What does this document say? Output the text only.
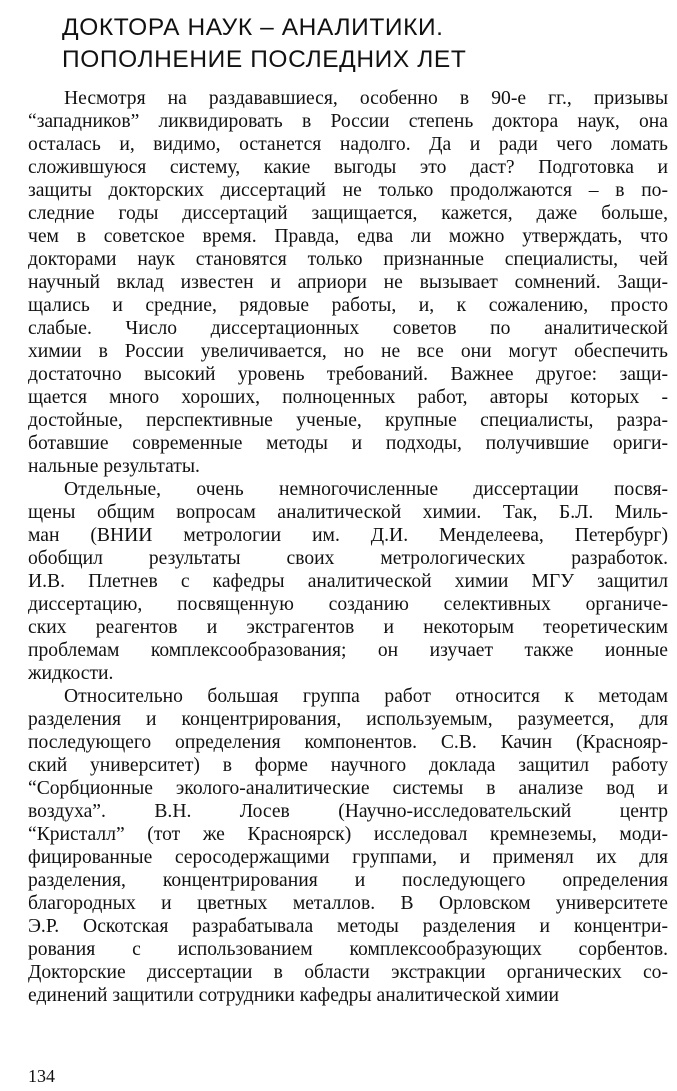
ДОКТОРА НАУК – АНАЛИТИКИ.
ПОПОЛНЕНИЕ ПОСЛЕДНИХ ЛЕТ
Несмотря на раздававшиеся, особенно в 90-е гг., призывы
“западников” ликвидировать в России степень доктора наук, она
осталась и, видимо, останется надолго. Да и ради чего ломать
сложившуюся систему, какие выгоды это даст? Подготовка и
защиты докторских диссертаций не только продолжаются – в по-
следние годы диссертаций защищается, кажется, даже больше,
чем в советское время. Правда, едва ли можно утверждать, что
докторами наук становятся только признанные специалисты, чей
научный вклад известен и априори не вызывает сомнений. Защи-
щались и средние, рядовые работы, и, к сожалению, просто
слабые. Число диссертационных советов по аналитической
химии в России увеличивается, но не все они могут обеспечить
достаточно высокий уровень требований. Важнее другое: защи-
щается много хороших, полноценных работ, авторы которых -
достойные, перспективные ученые, крупные специалисты, разра-
ботавшие современные методы и подходы, получившие ориги-
нальные результаты.
Отдельные, очень немногочисленные диссертации посвя-
щены общим вопросам аналитической химии. Так, Б.Л. Миль-
ман (ВНИИ метрологии им. Д.И. Менделеева, Петербург)
обобщил результаты своих метрологических разработок.
И.В. Плетнев с кафедры аналитической химии МГУ защитил
диссертацию, посвященную созданию селективных органиче-
ских реагентов и экстрагентов и некоторым теоретическим
проблемам комплексообразования; он изучает также ионные
жидкости.
Относительно большая группа работ относится к методам
разделения и концентрирования, используемым, разумеется, для
последующего определения компонентов. С.В. Качин (Краснояр-
ский университет) в форме научного доклада защитил работу
“Сорбционные эколого-аналитические системы в анализе вод и
воздуха”. В.Н. Лосев (Научно-исследовательский центр
“Кристалл” (тот же Красноярск) исследовал кремнеземы, моди-
фицированные серосодержащими группами, и применял их для
разделения, концентрирования и последующего определения
благородных и цветных металлов. В Орловском университете
Э.Р. Оскотская разрабатывала методы разделения и концентри-
рования с использованием комплексообразующих сорбентов.
Докторские диссертации в области экстракции органических со-
единений защитили сотрудники кафедры аналитической химии
134
